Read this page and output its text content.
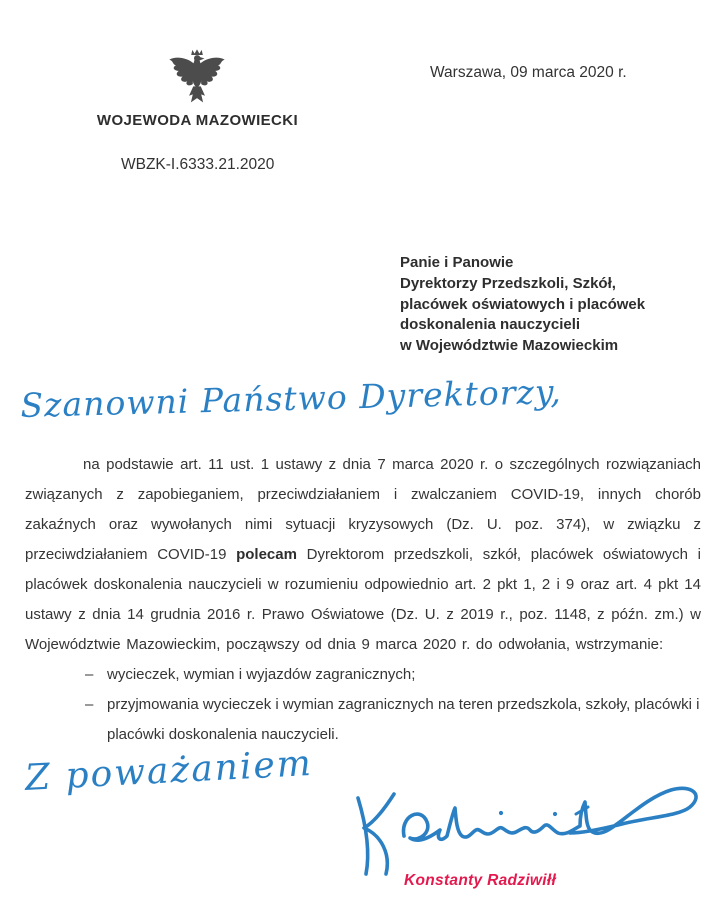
WOJEWODA MAZOWIECKI
WBZK-I.6333.21.2020
Warszawa, 09 marca 2020 r.
Panie i Panowie
Dyrektorzy Przedszkoli, Szkół,
placówek oświatowych i placówek
doskonalenia nauczycieli
w Województwie Mazowieckim
Szanowni Państwo Dyrektorzy,

na podstawie art. 11 ust. 1 ustawy z dnia 7 marca 2020 r. o szczególnych rozwiązaniach związanych z zapobieganiem, przeciwdziałaniem i zwalczaniem COVID-19, innych chorób zakaźnych oraz wywołanych nimi sytuacji kryzysowych (Dz. U. poz. 374), w związku z przeciwdziałaniem COVID-19 polecam Dyrektorom przedszkoli, szkół, placówek oświatowych i placówek doskonalenia nauczycieli w rozumieniu odpowiednio art. 2 pkt 1, 2 i 9 oraz art. 4 pkt 14 ustawy z dnia 14 grudnia 2016 r. Prawo Oświatowe (Dz. U. z 2019 r., poz. 1148, z późn. zm.) w Województwie Mazowieckim, począwszy od dnia 9 marca 2020 r. do odwołania, wstrzymanie:

– wycieczek, wymian i wyjazdów zagranicznych;
– przyjmowania wycieczek i wymian zagranicznych na teren przedszkola, szkoły, placówki i placówki doskonalenia nauczycieli.
Z poważaniem
Konstanty Radziwiłł
